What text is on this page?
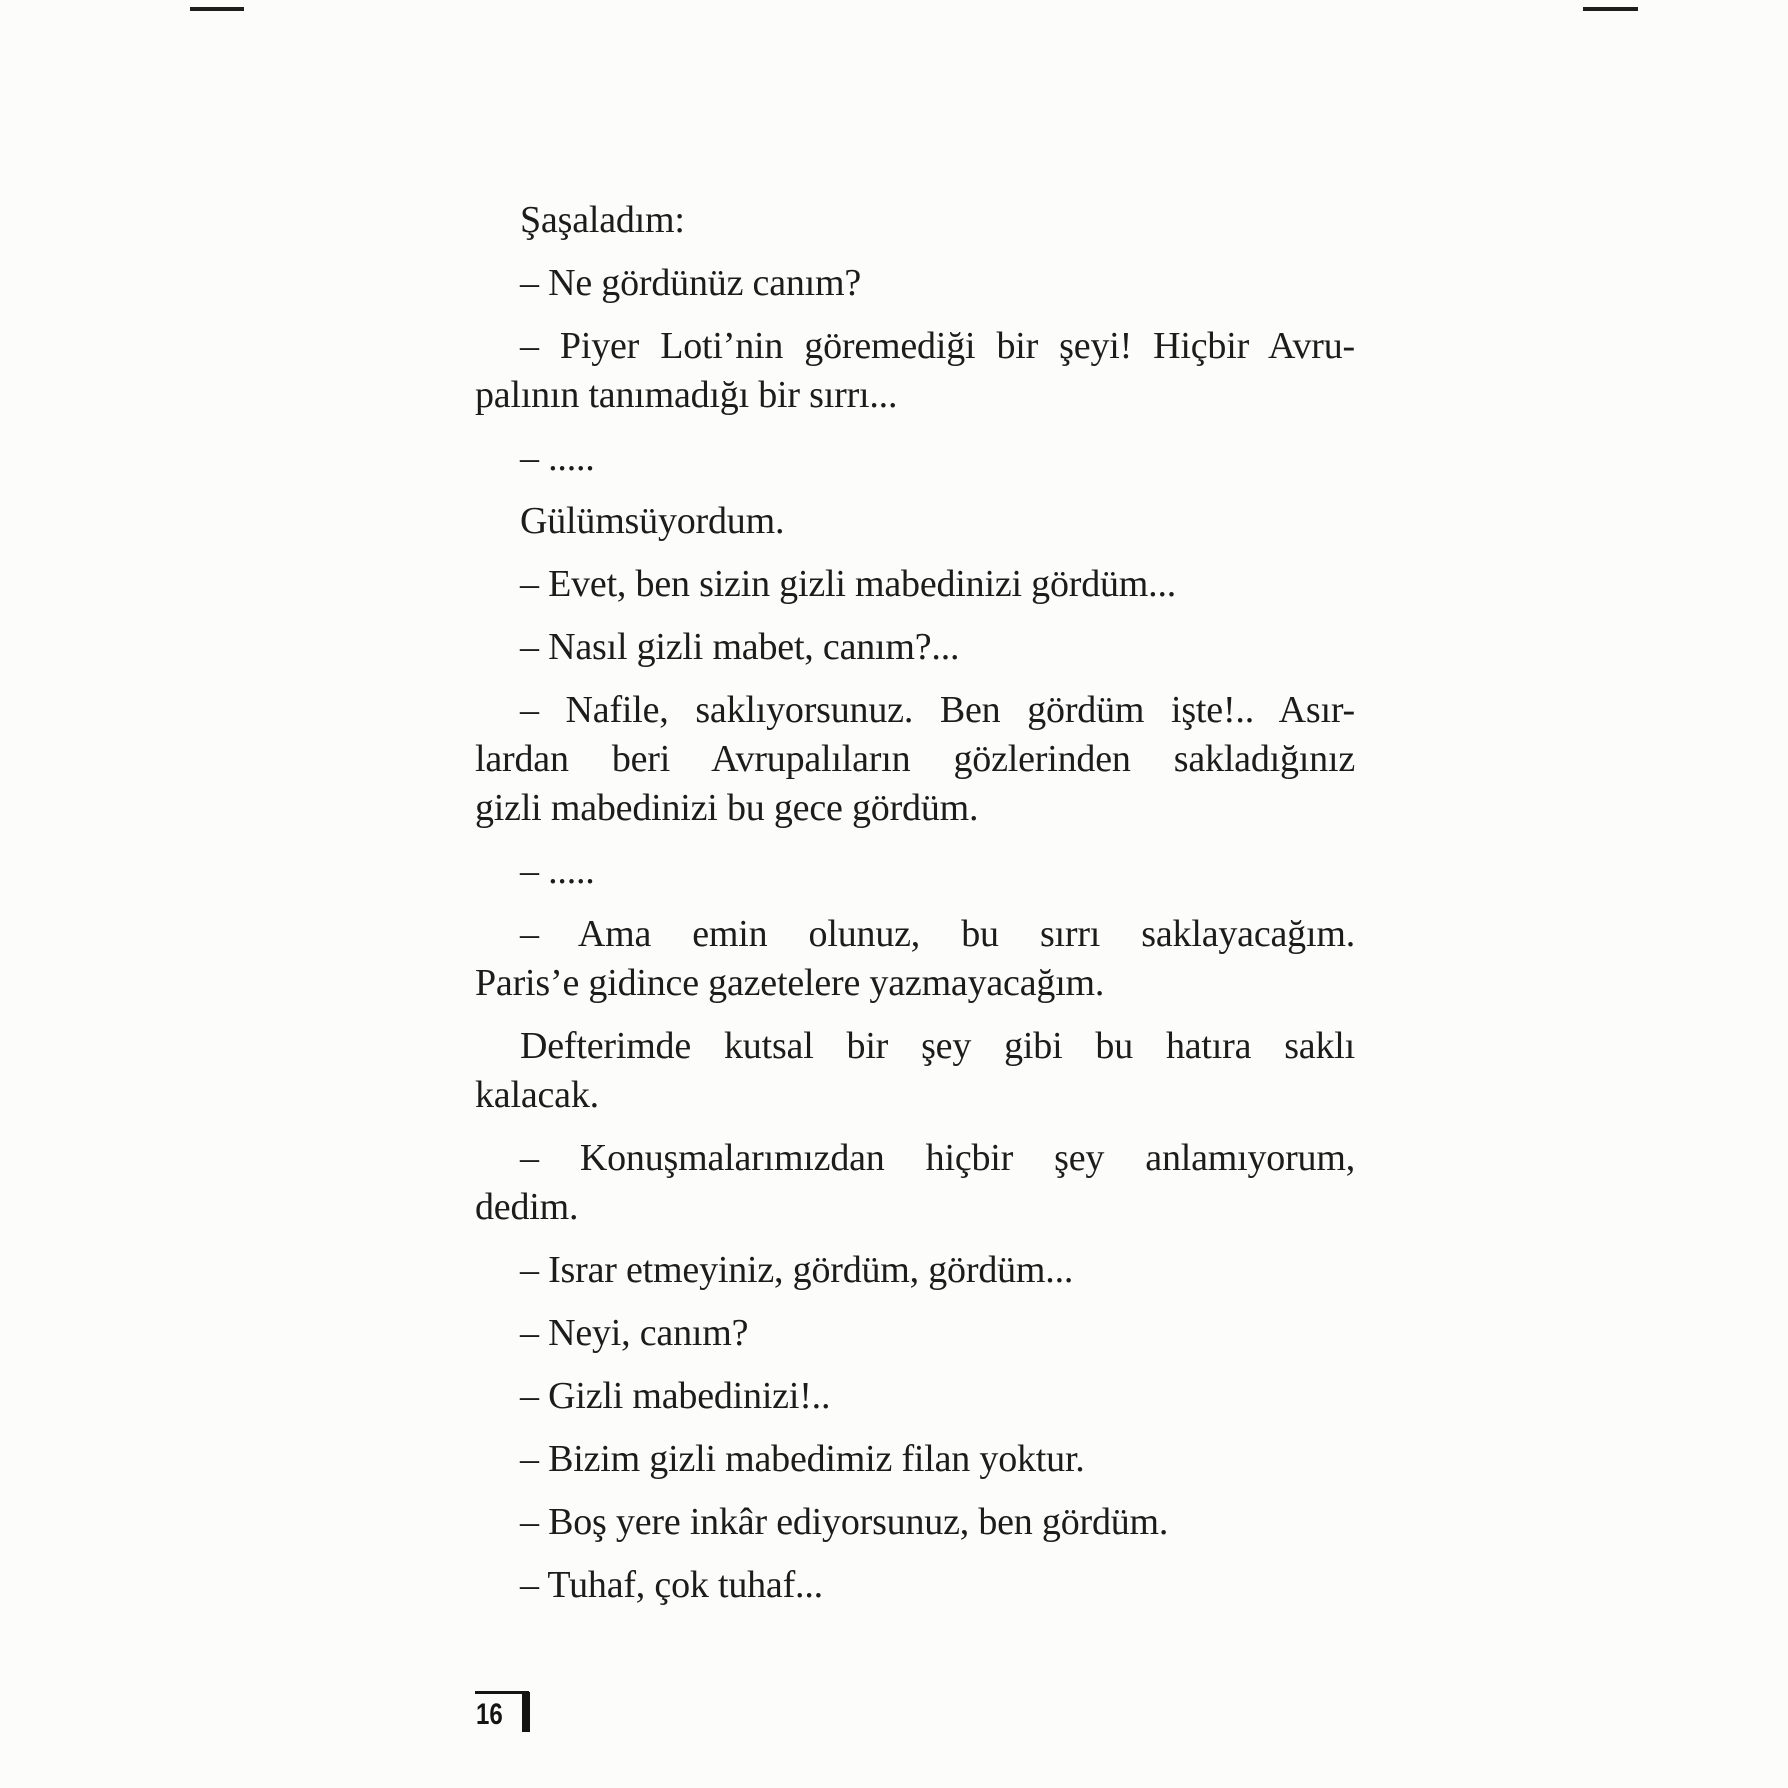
Şaşaladım:
– Ne gördünüz canım?
– Piyer Loti’nin göremediği bir şeyi! Hiçbir Avru-
palının tanımadığı bir sırrı...
– .....
Gülümsüyordum.
– Evet, ben sizin gizli mabedinizi gördüm...
– Nasıl gizli mabet, canım?...
– Nafile, saklıyorsunuz. Ben gördüm işte!.. Asır-
lardan beri Avrupalıların gözlerinden sakladığınız
gizli mabedinizi bu gece gördüm.
– .....
– Ama emin olunuz, bu sırrı saklayacağım.
Paris’e gidince gazetelere yazmayacağım.
Defterimde kutsal bir şey gibi bu hatıra saklı
kalacak.
– Konuşmalarımızdan hiçbir şey anlamıyorum,
dedim.
– Israr etmeyiniz, gördüm, gördüm...
– Neyi, canım?
– Gizli mabedinizi!..
– Bizim gizli mabedimiz filan yoktur.
– Boş yere inkâr ediyorsunuz, ben gördüm.
– Tuhaf, çok tuhaf...
16
